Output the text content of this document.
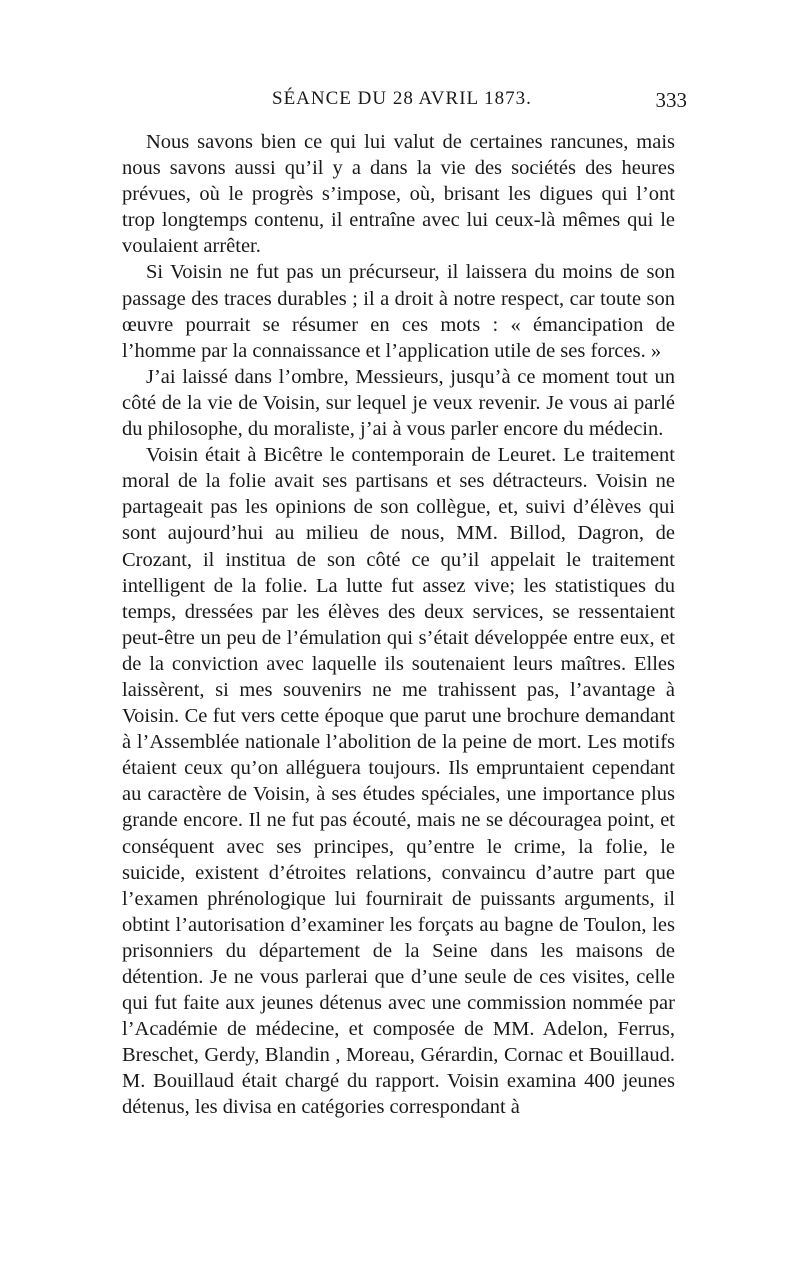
SÉANCE DU 28 AVRIL 1873.	333

Nous savons bien ce qui lui valut de certaines rancunes, mais nous savons aussi qu’il y a dans la vie des sociétés des heures prévues, où le progrès s’impose, où, brisant les digues qui l’ont trop longtemps contenu, il entraîne avec lui ceux-là mêmes qui le voulaient arrêter.

Si Voisin ne fut pas un précurseur, il laissera du moins de son passage des traces durables ; il a droit à notre respect, car toute son œuvre pourrait se résumer en ces mots : « émancipation de l’homme par la connaissance et l’application utile de ses forces. »

J’ai laissé dans l’ombre, Messieurs, jusqu’à ce moment tout un côté de la vie de Voisin, sur lequel je veux revenir. Je vous ai parlé du philosophe, du moraliste, j’ai à vous parler encore du médecin.

Voisin était à Bicêtre le contemporain de Leuret. Le traitement moral de la folie avait ses partisans et ses détracteurs. Voisin ne partageait pas les opinions de son collègue, et, suivi d’élèves qui sont aujourd’hui au milieu de nous, MM. Billod, Dagron, de Crozant, il institua de son côté ce qu’il appelait le traitement intelligent de la folie. La lutte fut assez vive; les statistiques du temps, dressées par les élèves des deux services, se ressentaient peut-être un peu de l’émulation qui s’était développée entre eux, et de la conviction avec laquelle ils soutenaient leurs maîtres. Elles laissèrent, si mes souvenirs ne me trahissent pas, l’avantage à Voisin. Ce fut vers cette époque que parut une brochure demandant à l’Assemblée nationale l’abolition de la peine de mort. Les motifs étaient ceux qu’on alléguera toujours. Ils empruntaient cependant au caractère de Voisin, à ses études spéciales, une importance plus grande encore. Il ne fut pas écouté, mais ne se découragea point, et conséquent avec ses principes, qu’entre le crime, la folie, le suicide, existent d’étroites relations, convaincu d’autre part que l’examen phrénologique lui fournirait de puissants arguments, il obtint l’autorisation d’examiner les forçats au bagne de Toulon, les prisonniers du département de la Seine dans les maisons de détention. Je ne vous parlerai que d’une seule de ces visites, celle qui fut faite aux jeunes détenus avec une commission nommée par l’Académie de médecine, et composée de MM. Adelon, Ferrus, Breschet, Gerdy, Blandin , Moreau, Gérardin, Cornac et Bouillaud. M. Bouillaud était chargé du rapport. Voisin examina 400 jeunes détenus, les divisa en catégories correspondant à
